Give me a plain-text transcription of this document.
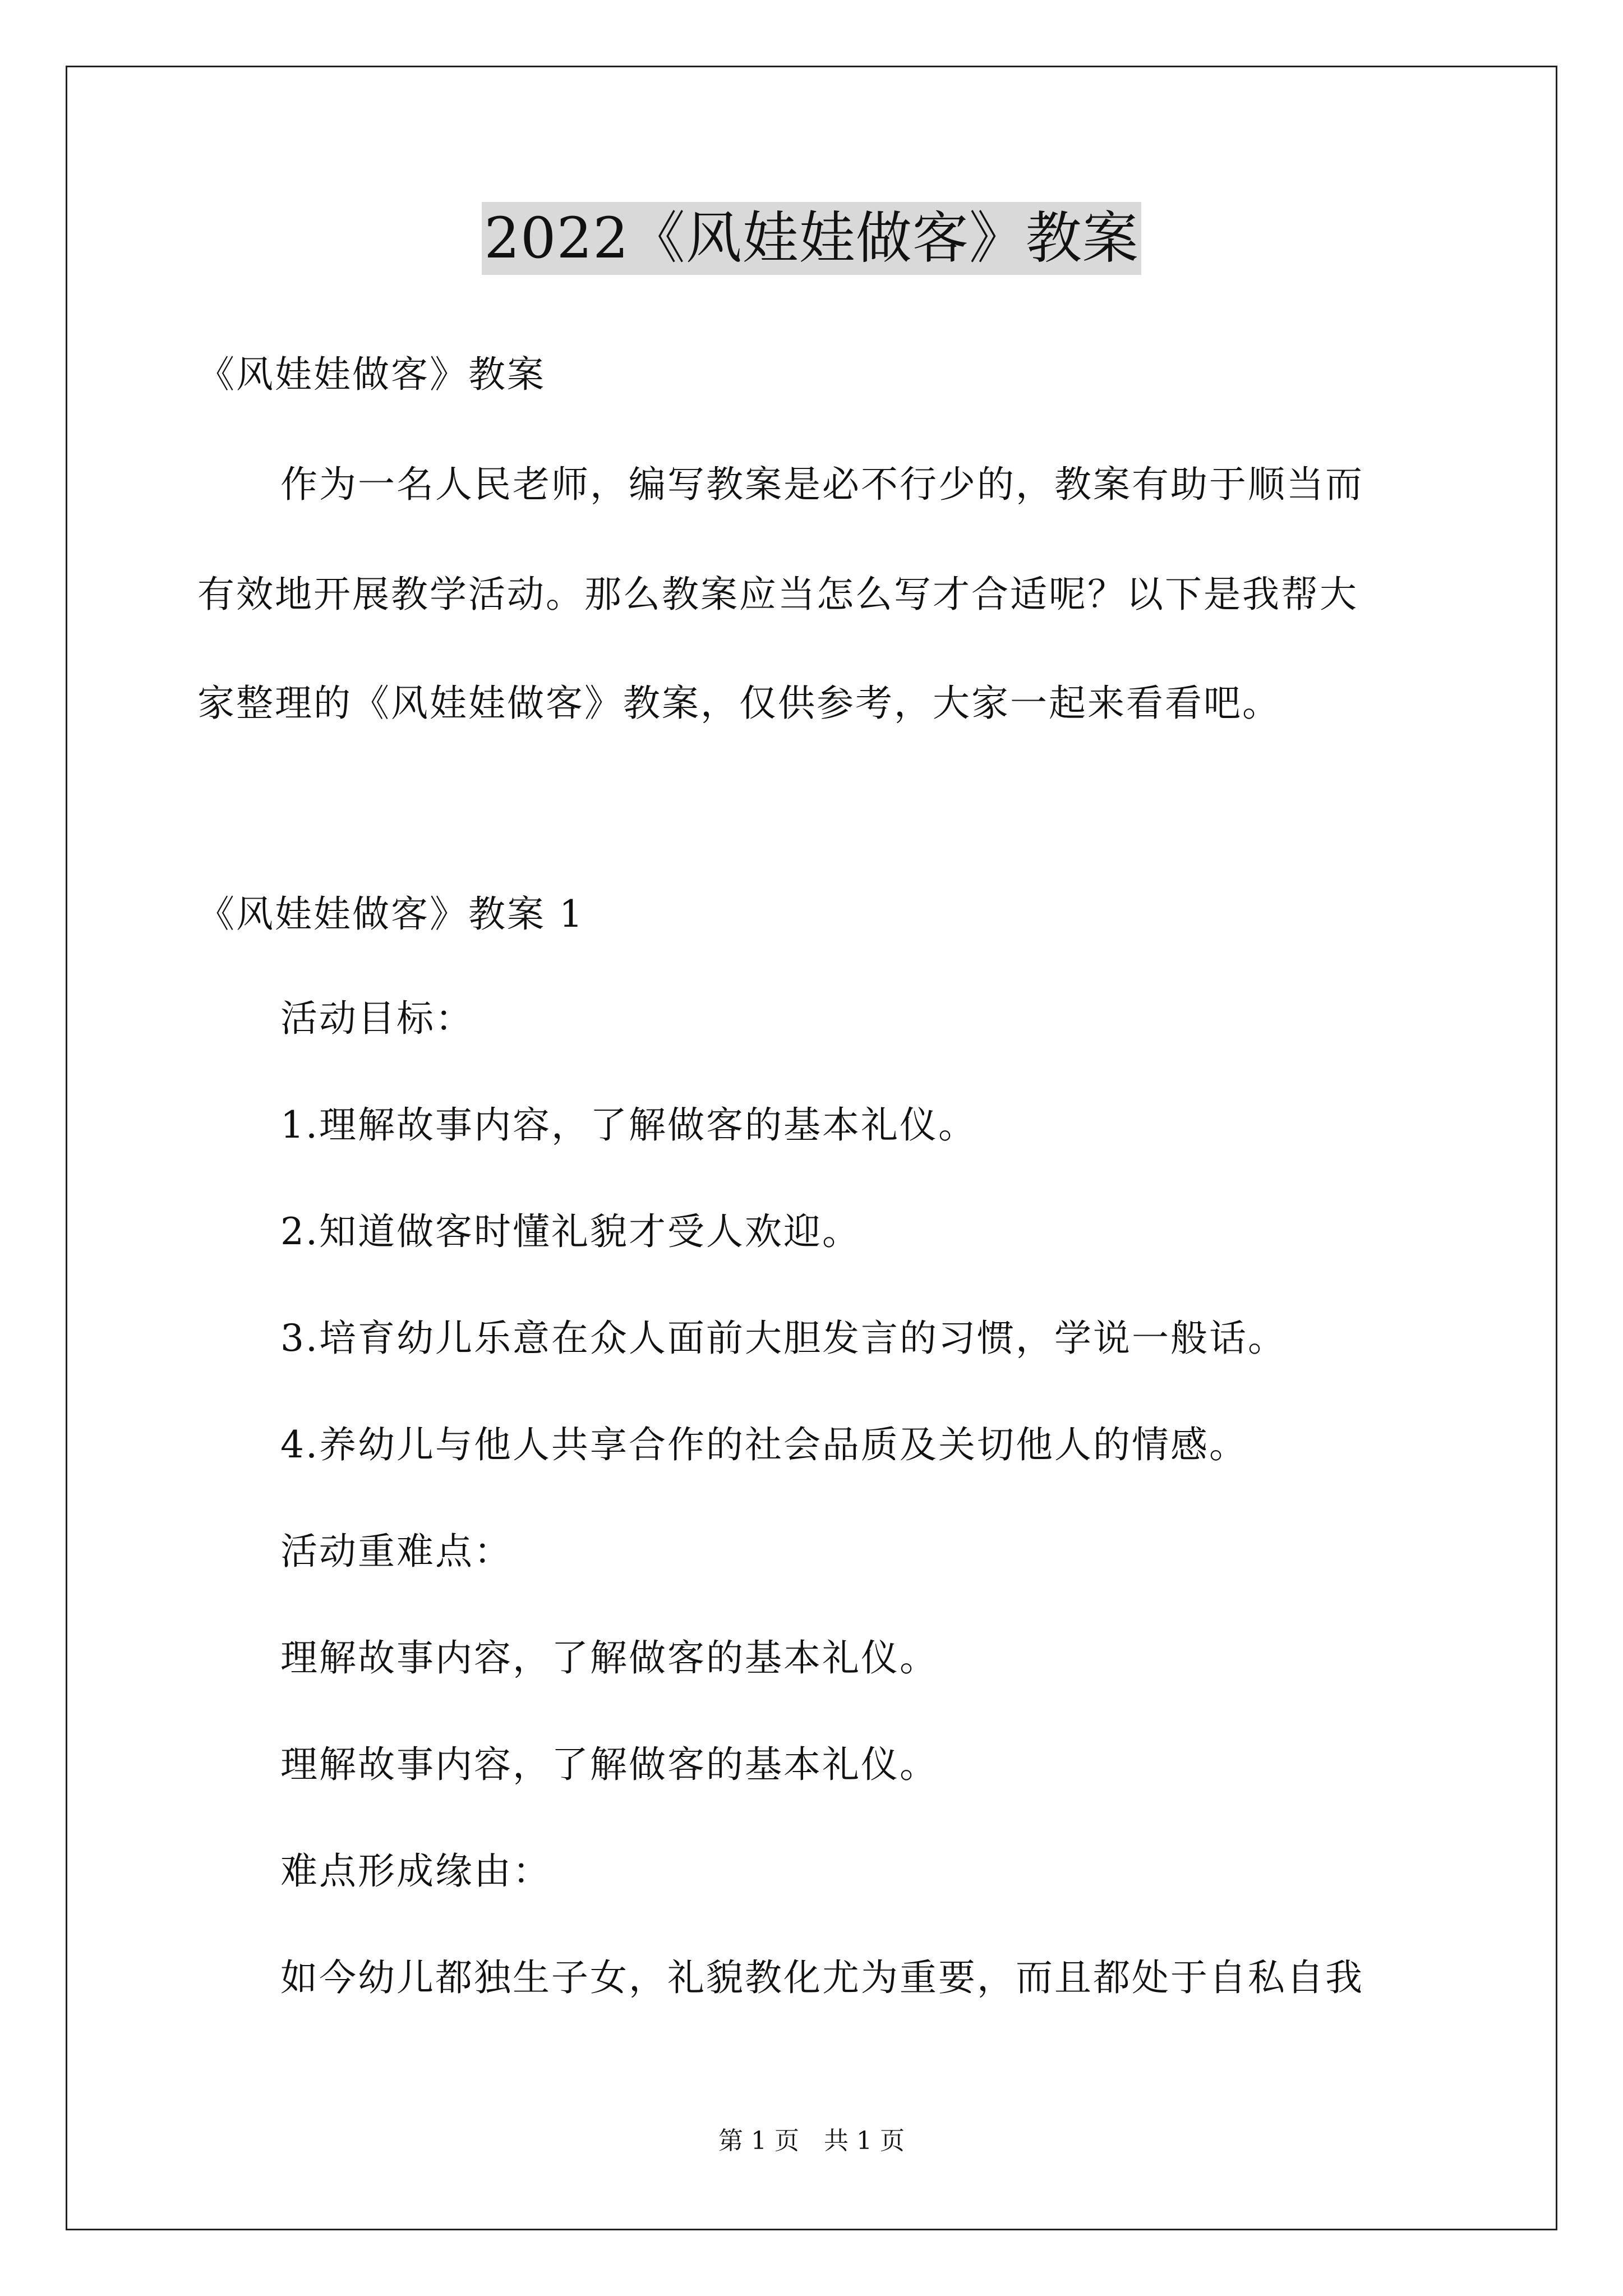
2022《风娃娃做客》教案
《风娃娃做客》教案
作为一名人民老师，编写教案是必不行少的，教案有助于顺当而
有效地开展教学活动。那么教案应当怎么写才合适呢？以下是我帮大
家整理的《风娃娃做客》教案，仅供参考，大家一起来看看吧。
《风娃娃做客》教案 1
活动目标：
1.理解故事内容，了解做客的基本礼仪。
2.知道做客时懂礼貌才受人欢迎。
3.培育幼儿乐意在众人面前大胆发言的习惯，学说一般话。
4.养幼儿与他人共享合作的社会品质及关切他人的情感。
活动重难点：
理解故事内容，了解做客的基本礼仪。
理解故事内容，了解做客的基本礼仪。
难点形成缘由：
如今幼儿都独生子女，礼貌教化尤为重要，而且都处于自私自我
第 1 页　共 1 页
